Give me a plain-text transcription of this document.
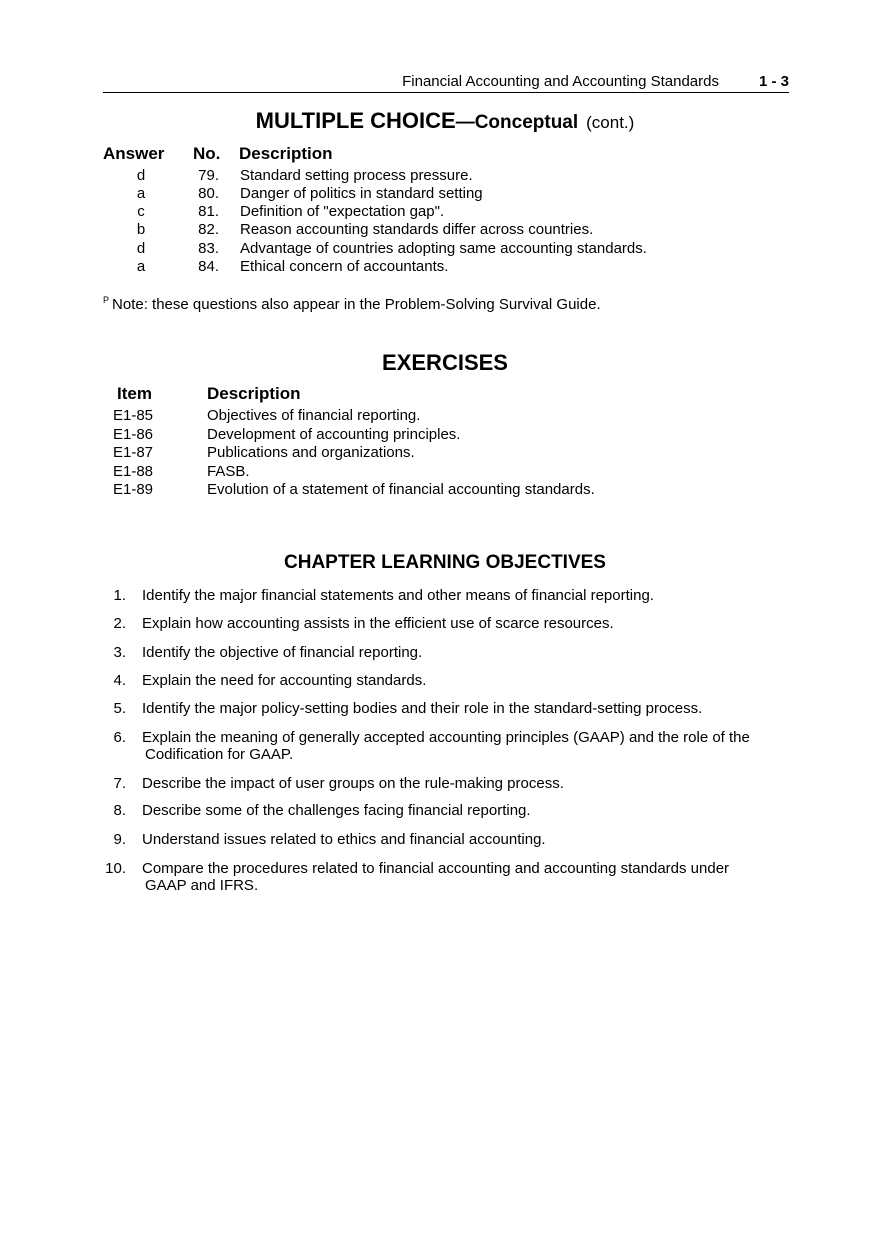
Financial Accounting and Accounting Standards	1 - 3
MULTIPLE CHOICE—Conceptual (cont.)
Answer No. Description
d	79. Standard setting process pressure.
a	80. Danger of politics in standard setting
c	81. Definition of "expectation gap".
b	82. Reason accounting standards differ across countries.
d	83. Advantage of countries adopting same accounting standards.
a	84. Ethical concern of accountants.
$^P$ Note: these questions also appear in the Problem-Solving Survival Guide.
EXERCISES
Item	Description
E1-85	Objectives of financial reporting.
E1-86	Development of accounting principles.
E1-87	Publications and organizations.
E1-88	FASB.
E1-89	Evolution of a statement of financial accounting standards.
CHAPTER LEARNING OBJECTIVES
1. Identify the major financial statements and other means of financial reporting.
2. Explain how accounting assists in the efficient use of scarce resources.
3. Identify the objective of financial reporting.
4. Explain the need for accounting standards.
5. Identify the major policy-setting bodies and their role in the standard-setting process.
6. Explain the meaning of generally accepted accounting principles (GAAP) and the role of the
Codification for GAAP.
7. Describe the impact of user groups on the rule-making process.
8. Describe some of the challenges facing financial reporting.
9. Understand issues related to ethics and financial accounting.
10. Compare the procedures related to financial accounting and accounting standards under
GAAP and IFRS.
